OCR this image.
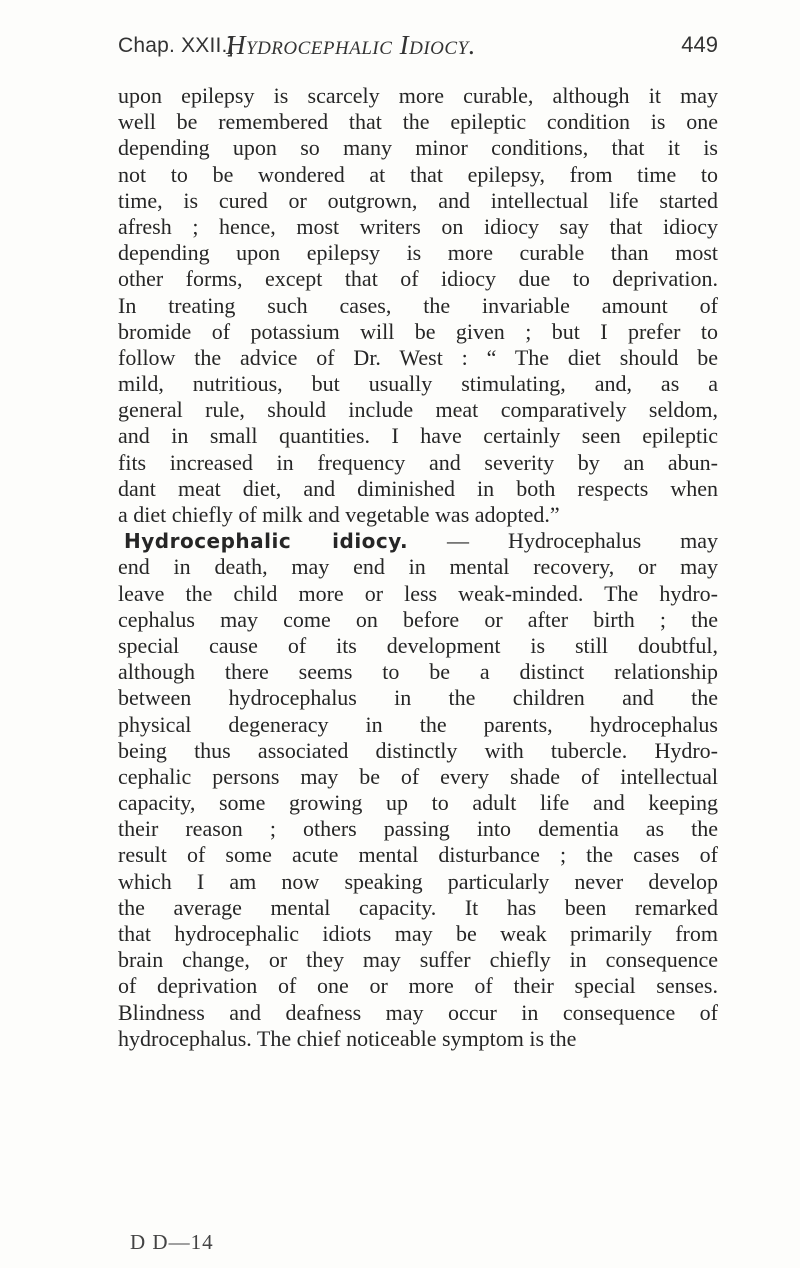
Chap. XXII.]
Hydrocephalic Idiocy.	449
upon epilepsy is scarcely more curable, although it may
well be remembered that the epileptic condition is one
depending upon so many minor conditions, that it is
not to be wondered at that epilepsy, from time to
time, is cured or outgrown, and intellectual life started
afresh ; hence, most writers on idiocy say that idiocy
depending upon epilepsy is more curable than most
other forms, except that of idiocy due to deprivation.
In treating such cases, the invariable amount of
bromide of potassium will be given ; but I prefer to
follow the advice of Dr. West : “ The diet should be
mild, nutritious, but usually stimulating, and, as a
general rule, should include meat comparatively seldom,
and in small quantities. I have certainly seen epileptic
fits increased in frequency and severity by an abun-
dant meat diet, and diminished in both respects when
a diet chiefly of milk and vegetable was adopted.”
Hydrocephalic idiocy. — Hydrocephalus may
end in death, may end in mental recovery, or may
leave the child more or less weak-minded. The hydro-
cephalus may come on before or after birth ; the
special cause of its development is still doubtful,
although there seems to be a distinct relationship
between hydrocephalus in the children and the
physical degeneracy in the parents, hydrocephalus
being thus associated distinctly with tubercle. Hydro-
cephalic persons may be of every shade of intellectual
capacity, some growing up to adult life and keeping
their reason ; others passing into dementia as the
result of some acute mental disturbance ; the cases of
which I am now speaking particularly never develop
the average mental capacity. It has been remarked
that hydrocephalic idiots may be weak primarily from
brain change, or they may suffer chiefly in consequence
of deprivation of one or more of their special senses.
Blindness and deafness may occur in consequence of
hydrocephalus. The chief noticeable symptom is the
D D—14
